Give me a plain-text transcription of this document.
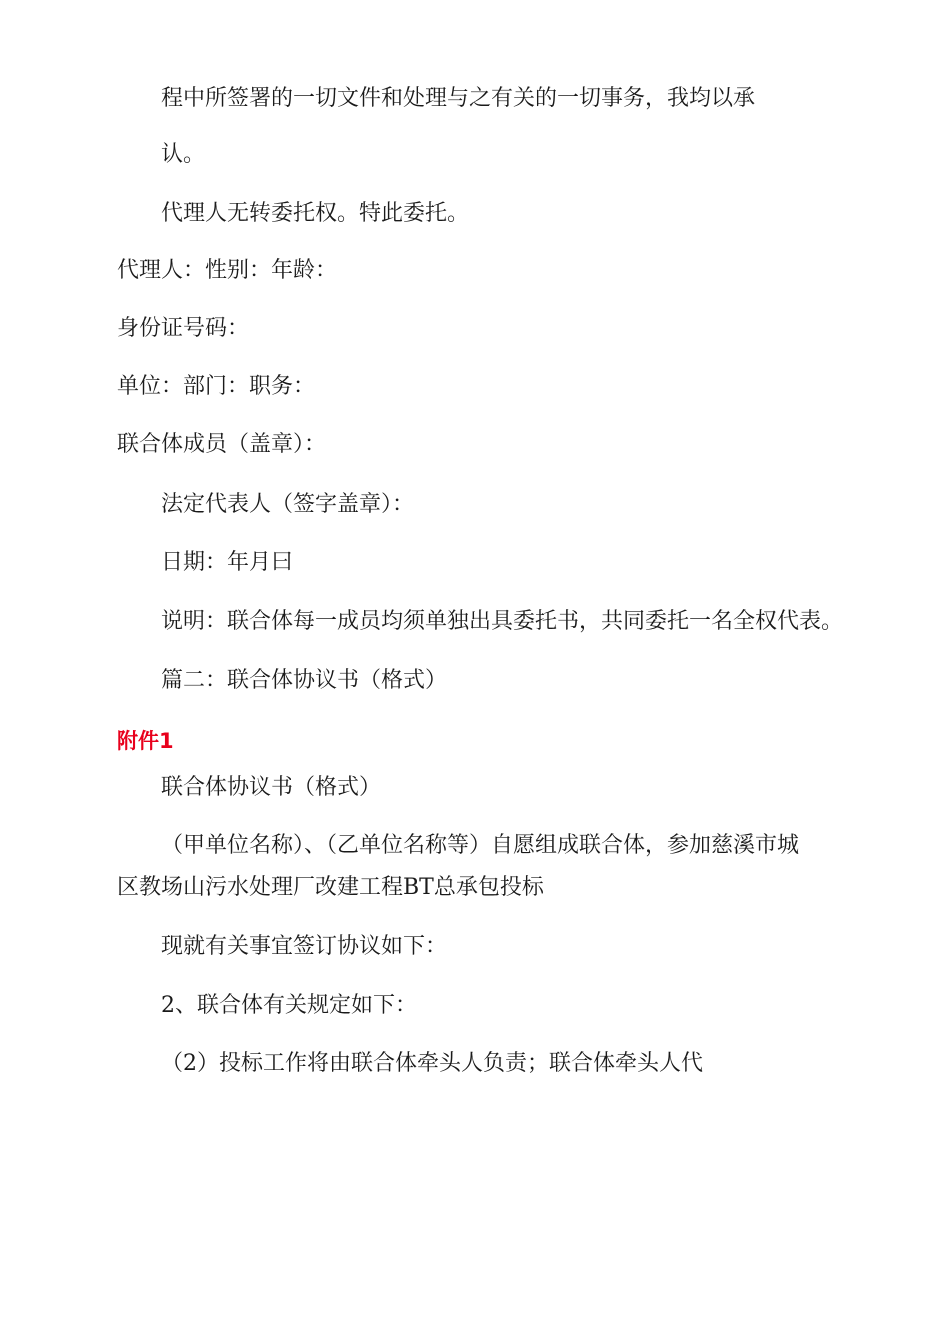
程中所签署的一切文件和处理与之有关的一切事务，我均以承
认。
代理人无转委托权。特此委托。
代理人：性别：年龄：
身份证号码：
单位：部门：职务：
联合体成员（盖章）：
法定代表人（签字盖章）：
日期：年月曰
说明：联合体每一成员均须单独出具委托书，共同委托一名全权代表。
篇二：联合体协议书（格式）
附件1
联合体协议书（格式）
（甲单位名称）、（乙单位名称等）自愿组成联合体，参加慈溪市城
区教场山污水处理厂改建工程BT总承包投标
现就有关事宜签订协议如下：
2、联合体有关规定如下：
（2）投标工作将由联合体牵头人负责；联合体牵头人代
